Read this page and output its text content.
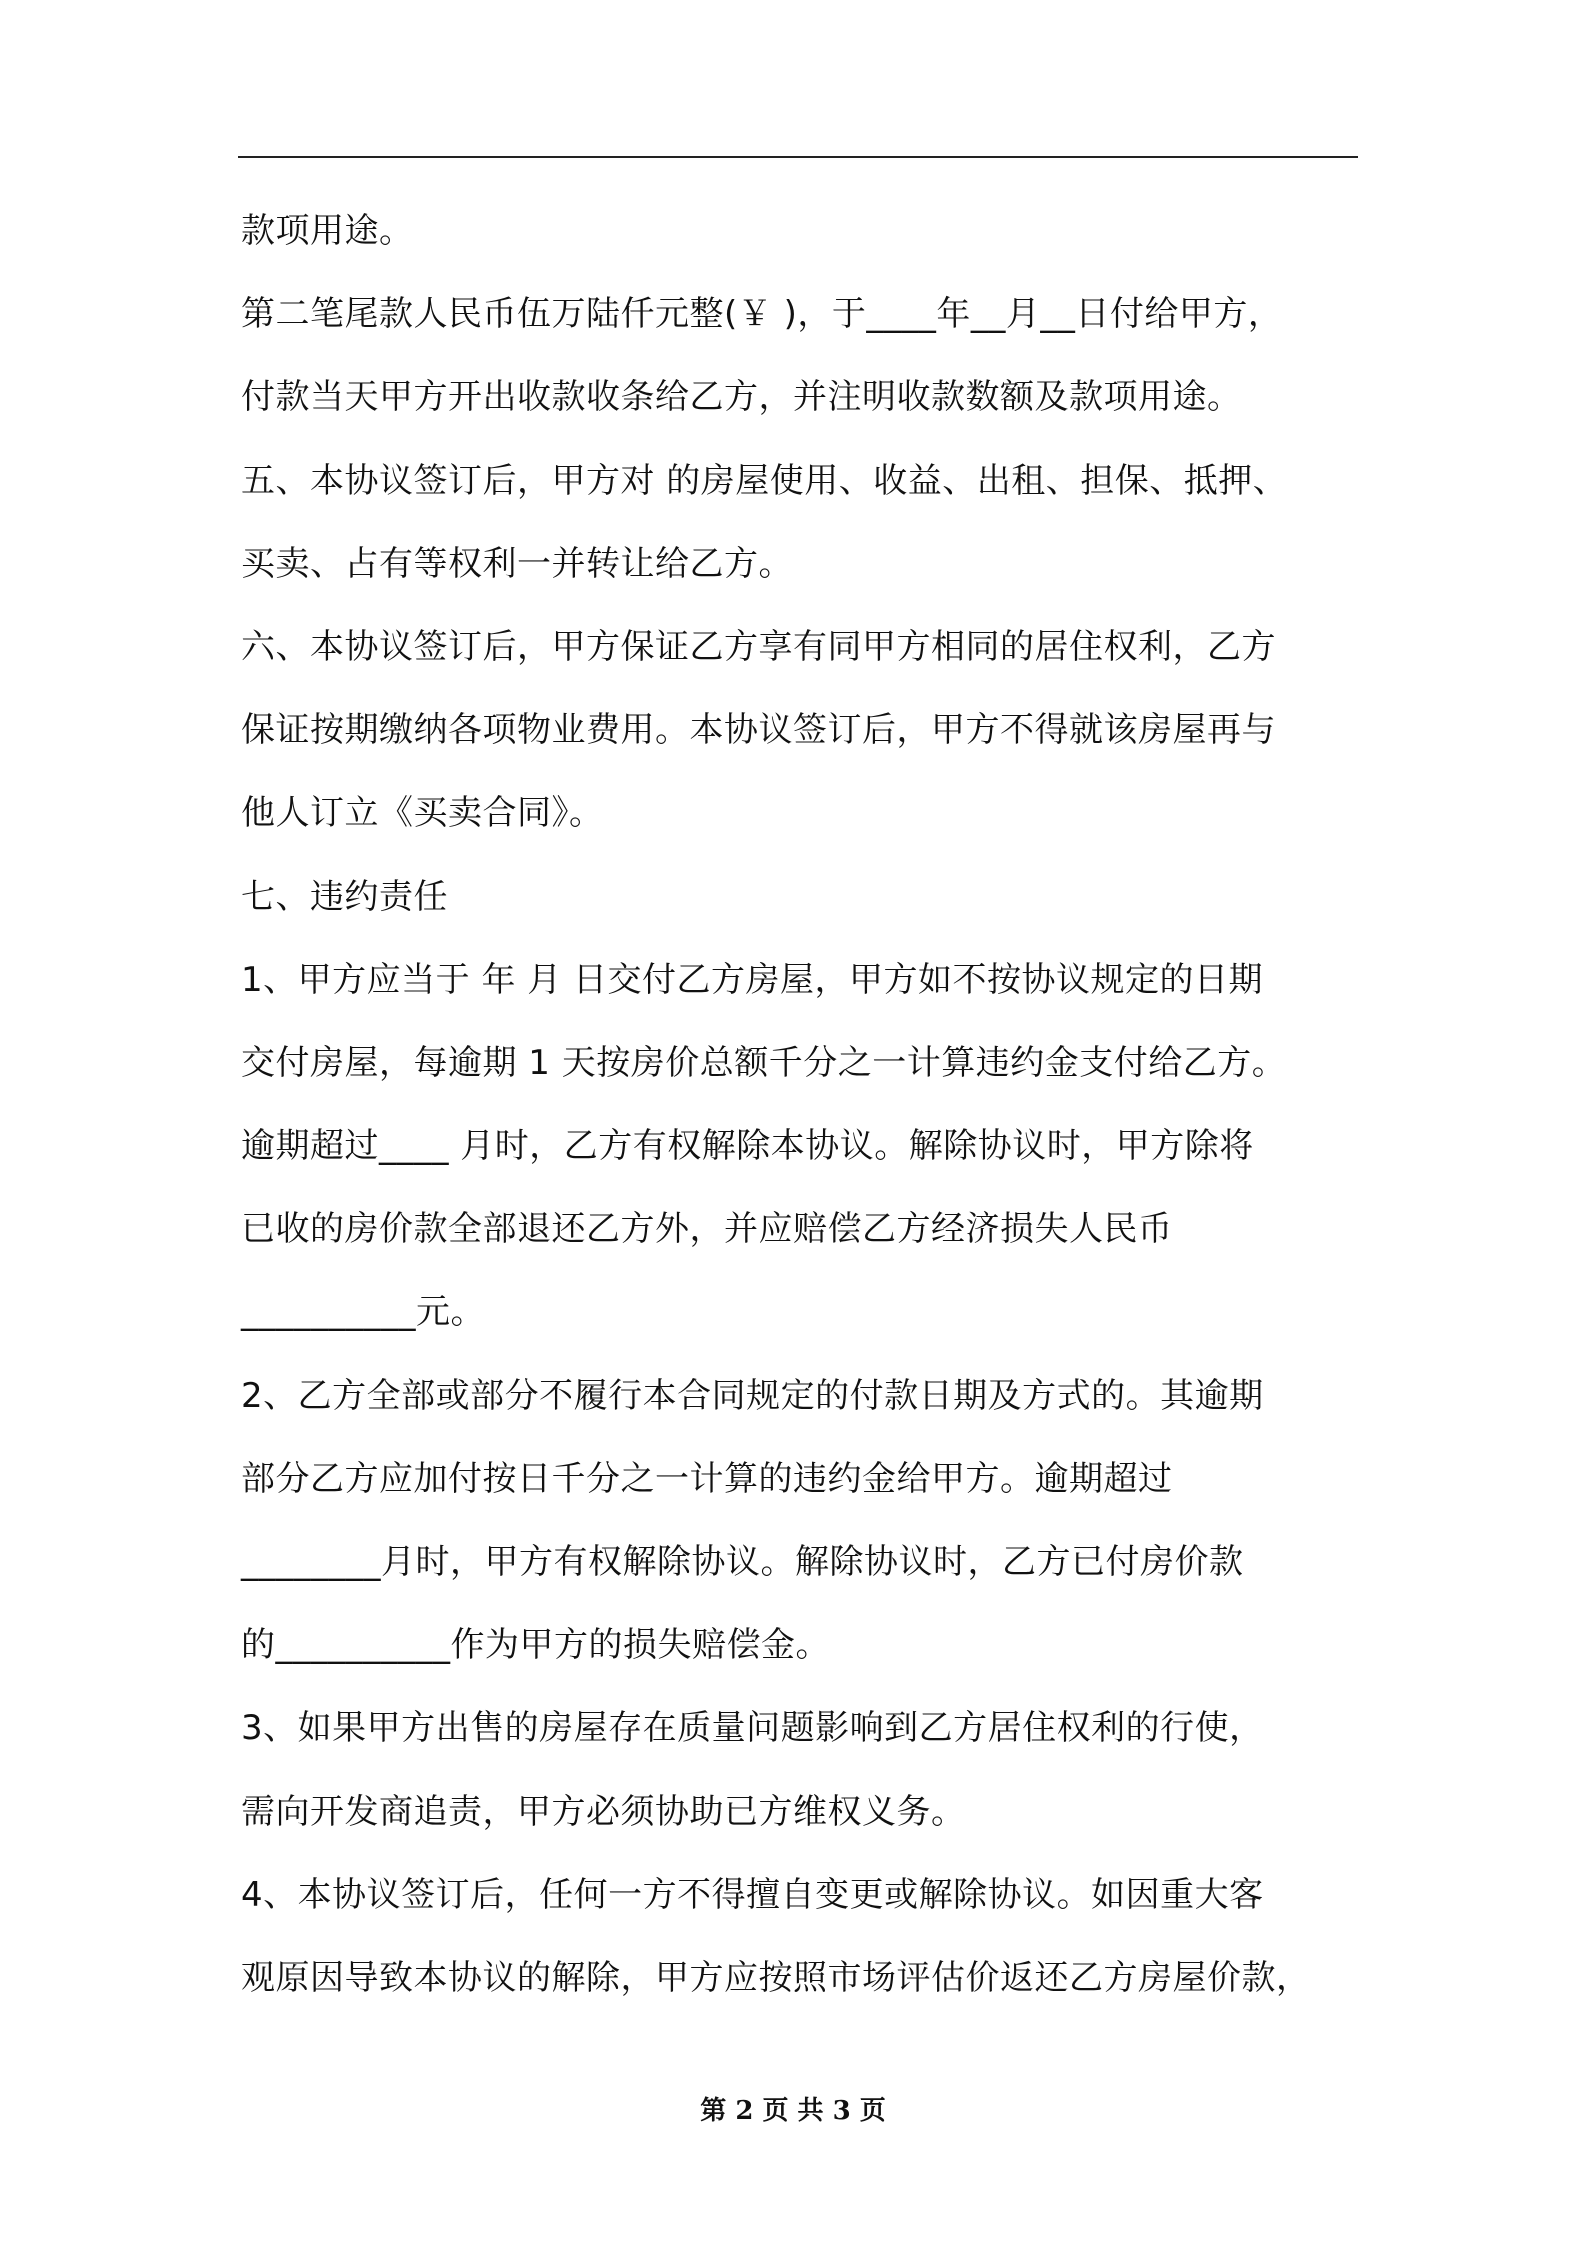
款项用途。
第二笔尾款人民币伍万陆仟元整(￥ )，于____年__月__日付给甲方，
付款当天甲方开出收款收条给乙方，并注明收款数额及款项用途。
五、本协议签订后，甲方对 的房屋使用、收益、出租、担保、抵押、
买卖、占有等权利一并转让给乙方。
六、本协议签订后，甲方保证乙方享有同甲方相同的居住权利，乙方
保证按期缴纳各项物业费用。本协议签订后，甲方不得就该房屋再与
他人订立《买卖合同》。
七、违约责任
1、甲方应当于 年 月 日交付乙方房屋，甲方如不按协议规定的日期
交付房屋，每逾期 1 天按房价总额千分之一计算违约金支付给乙方。
逾期超过____ 月时，乙方有权解除本协议。解除协议时，甲方除将
已收的房价款全部退还乙方外，并应赔偿乙方经济损失人民币
__________元。
2、乙方全部或部分不履行本合同规定的付款日期及方式的。其逾期
部分乙方应加付按日千分之一计算的违约金给甲方。逾期超过
________月时，甲方有权解除协议。解除协议时，乙方已付房价款
的__________作为甲方的损失赔偿金。
3、如果甲方出售的房屋存在质量问题影响到乙方居住权利的行使，
需向开发商追责，甲方必须协助已方维权义务。
4、本协议签订后，任何一方不得擅自变更或解除协议。如因重大客
观原因导致本协议的解除，甲方应按照市场评估价返还乙方房屋价款，
第 2 页 共 3 页
